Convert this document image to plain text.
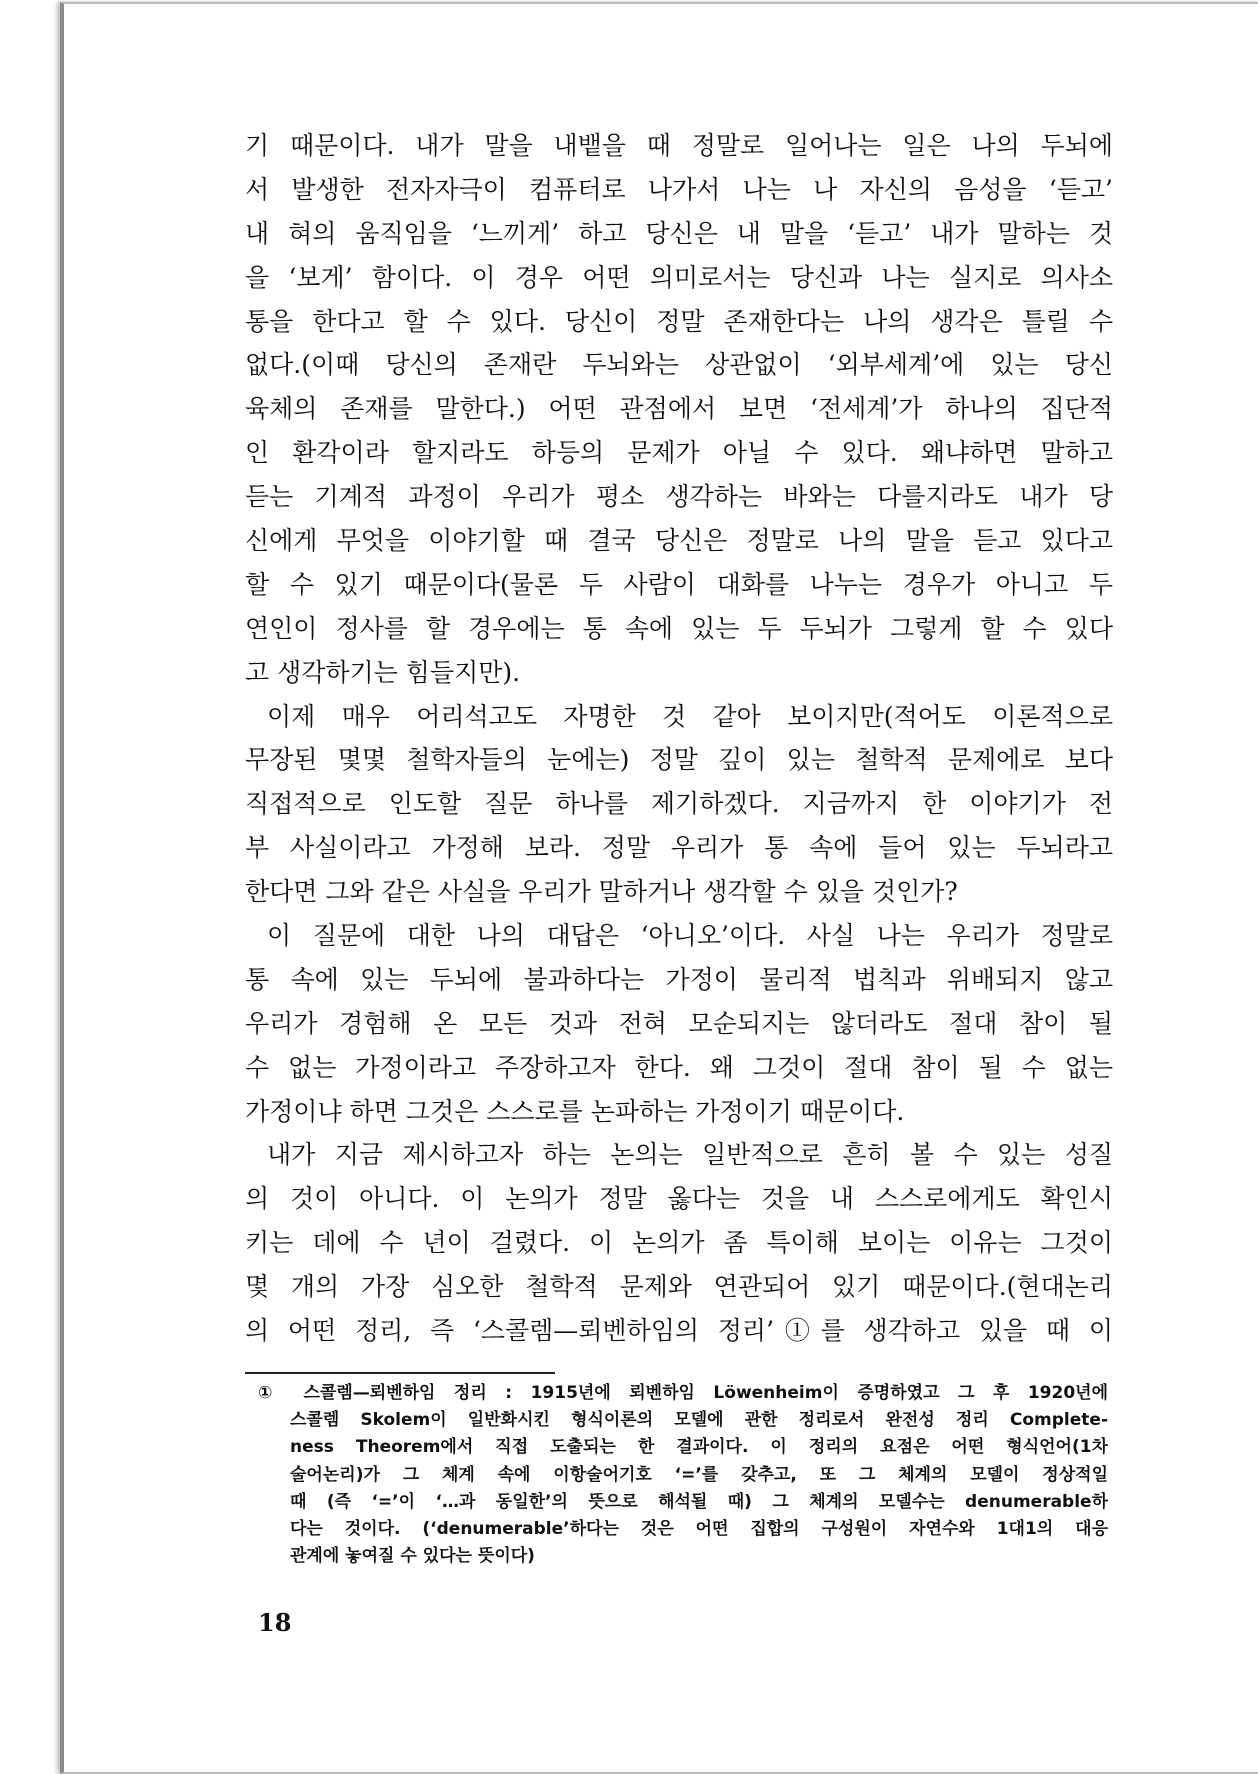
기 때문이다. 내가 말을 내뱉을 때 정말로 일어나는 일은 나의 두뇌에
서 발생한 전자자극이 컴퓨터로 나가서 나는 나 자신의 음성을 ‘듣고’
내 혀의 움직임을 ‘느끼게’ 하고 당신은 내 말을 ‘듣고’ 내가 말하는 것
을 ‘보게’ 함이다. 이 경우 어떤 의미로서는 당신과 나는 실지로 의사소
통을 한다고 할 수 있다. 당신이 정말 존재한다는 나의 생각은 틀릴 수
없다.(이때 당신의 존재란 두뇌와는 상관없이 ‘외부세계’에 있는 당신
육체의 존재를 말한다.) 어떤 관점에서 보면 ‘전세계’가 하나의 집단적
인 환각이라 할지라도 하등의 문제가 아닐 수 있다. 왜냐하면 말하고
듣는 기계적 과정이 우리가 평소 생각하는 바와는 다를지라도 내가 당
신에게 무엇을 이야기할 때 결국 당신은 정말로 나의 말을 듣고 있다고
할 수 있기 때문이다(물론 두 사람이 대화를 나누는 경우가 아니고 두
연인이 정사를 할 경우에는 통 속에 있는 두 두뇌가 그렇게 할 수 있다
고 생각하기는 힘들지만).
이제 매우 어리석고도 자명한 것 같아 보이지만(적어도 이론적으로
무장된 몇몇 철학자들의 눈에는) 정말 깊이 있는 철학적 문제에로 보다
직접적으로 인도할 질문 하나를 제기하겠다. 지금까지 한 이야기가 전
부 사실이라고 가정해 보라. 정말 우리가 통 속에 들어 있는 두뇌라고
한다면 그와 같은 사실을 우리가 말하거나 생각할 수 있을 것인가?
이 질문에 대한 나의 대답은 ‘아니오’이다. 사실 나는 우리가 정말로
통 속에 있는 두뇌에 불과하다는 가정이 물리적 법칙과 위배되지 않고
우리가 경험해 온 모든 것과 전혀 모순되지는 않더라도 절대 참이 될
수 없는 가정이라고 주장하고자 한다. 왜 그것이 절대 참이 될 수 없는
가정이냐 하면 그것은 스스로를 논파하는 가정이기 때문이다.
내가 지금 제시하고자 하는 논의는 일반적으로 흔히 볼 수 있는 성질
의 것이 아니다. 이 논의가 정말 옳다는 것을 내 스스로에게도 확인시
키는 데에 수 년이 걸렸다. 이 논의가 좀 특이해 보이는 이유는 그것이
몇 개의 가장 심오한 철학적 문제와 연관되어 있기 때문이다.(현대논리
의 어떤 정리, 즉 ‘스콜렘—뢰벤하임의 정리’①를 생각하고 있을 때 이
① 스콜렘—뢰벤하임 정리 : 1915년에 뢰벤하임 Löwenheim이 증명하였고 그 후 1920년에
스콜렘 Skolem이 일반화시킨 형식이론의 모델에 관한 정리로서 완전성 정리 Complete-
ness Theorem에서 직접 도출되는 한 결과이다. 이 정리의 요점은 어떤 형식언어(1차
술어논리)가 그 체계 속에 이항술어기호 ‘=’를 갖추고, 또 그 체계의 모델이 정상적일
때 (즉 ‘=’이 ‘…과 동일한’의 뜻으로 해석될 때) 그 체계의 모델수는 denumerable하
다는 것이다. (‘denumerable’하다는 것은 어떤 집합의 구성원이 자연수와 1대1의 대응
관계에 놓여질 수 있다는 뜻이다)
18
